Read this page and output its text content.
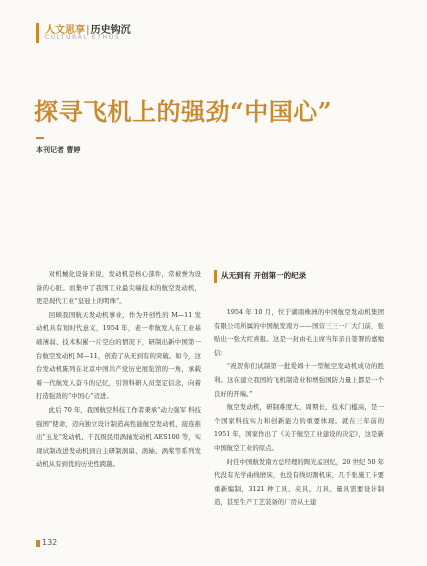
人文思享|历史钩沉
CULTURAL ETHOS
探寻飞机上的强劲“中国心”
本刊记者 曹婷

对机械化设备来说，发动机是核心部件，常被誉为设备的心脏。而集中了我国工业最尖端技术的航空发动机，更是现代工业“皇冠上的明珠”。

回顾我国航天发动机事业，作为开创性的 M—11 发动机具有划时代意义，1954 年，老一辈航发人在工业基础薄弱、技术积累一片空白的情况下，研制出新中国第一台航空发动机 M—11，创造了从无到有的突破。如今，这台发动机陈列在北京中国共产党历史展览馆的一角，承载着一代航发人奋斗的记忆，引领科研人员坚定信念，向着打造强劲的“中国心”迈进。

此后 70 年，我国航空科技工作者秉承“动力强军 科技强国”使命，迈向独立设计制造高性能航空发动机，接连推出“玉龙”发动机、千瓦级民用涡轴发动机 AES100 等，实现试制改进发动机到自主研制涡扇、涡轴、涡桨等系列发动机从有到优的历史性跨越。

从无到有 开创第一的纪录

1954 年 10 月，位于湖南株洲的中国航空发动机集团有限公司所属的中国航发南方——国营三三一厂大门前，张贴出一张大红喜报。这是一封由毛主席当年亲自签署的嘉勉信：

“祝贺你们试制第一批爱姆十一型航空发动机成功的胜利。这在建立我国的飞机制造业和增强国防力量上都是一个良好的开端。”

航空发动机，研制难度大、周期长，技术门槛高，是一个国家科技实力和创新能力的重要体现。就在三年前的 1951 年，国家作出了《关于航空工业建设的决定》，这是新中国航空工业的原点。

时任中国航发南方总经理的陶光孟回忆，20 世纪 50 年代没有光学曲线磨床，也没有线切割机床，几千张施工卡要重新编制，3121 种工具、夹具、刀具、量具需要设计制造，甚至生产工艺装备的厂房从土建

132
